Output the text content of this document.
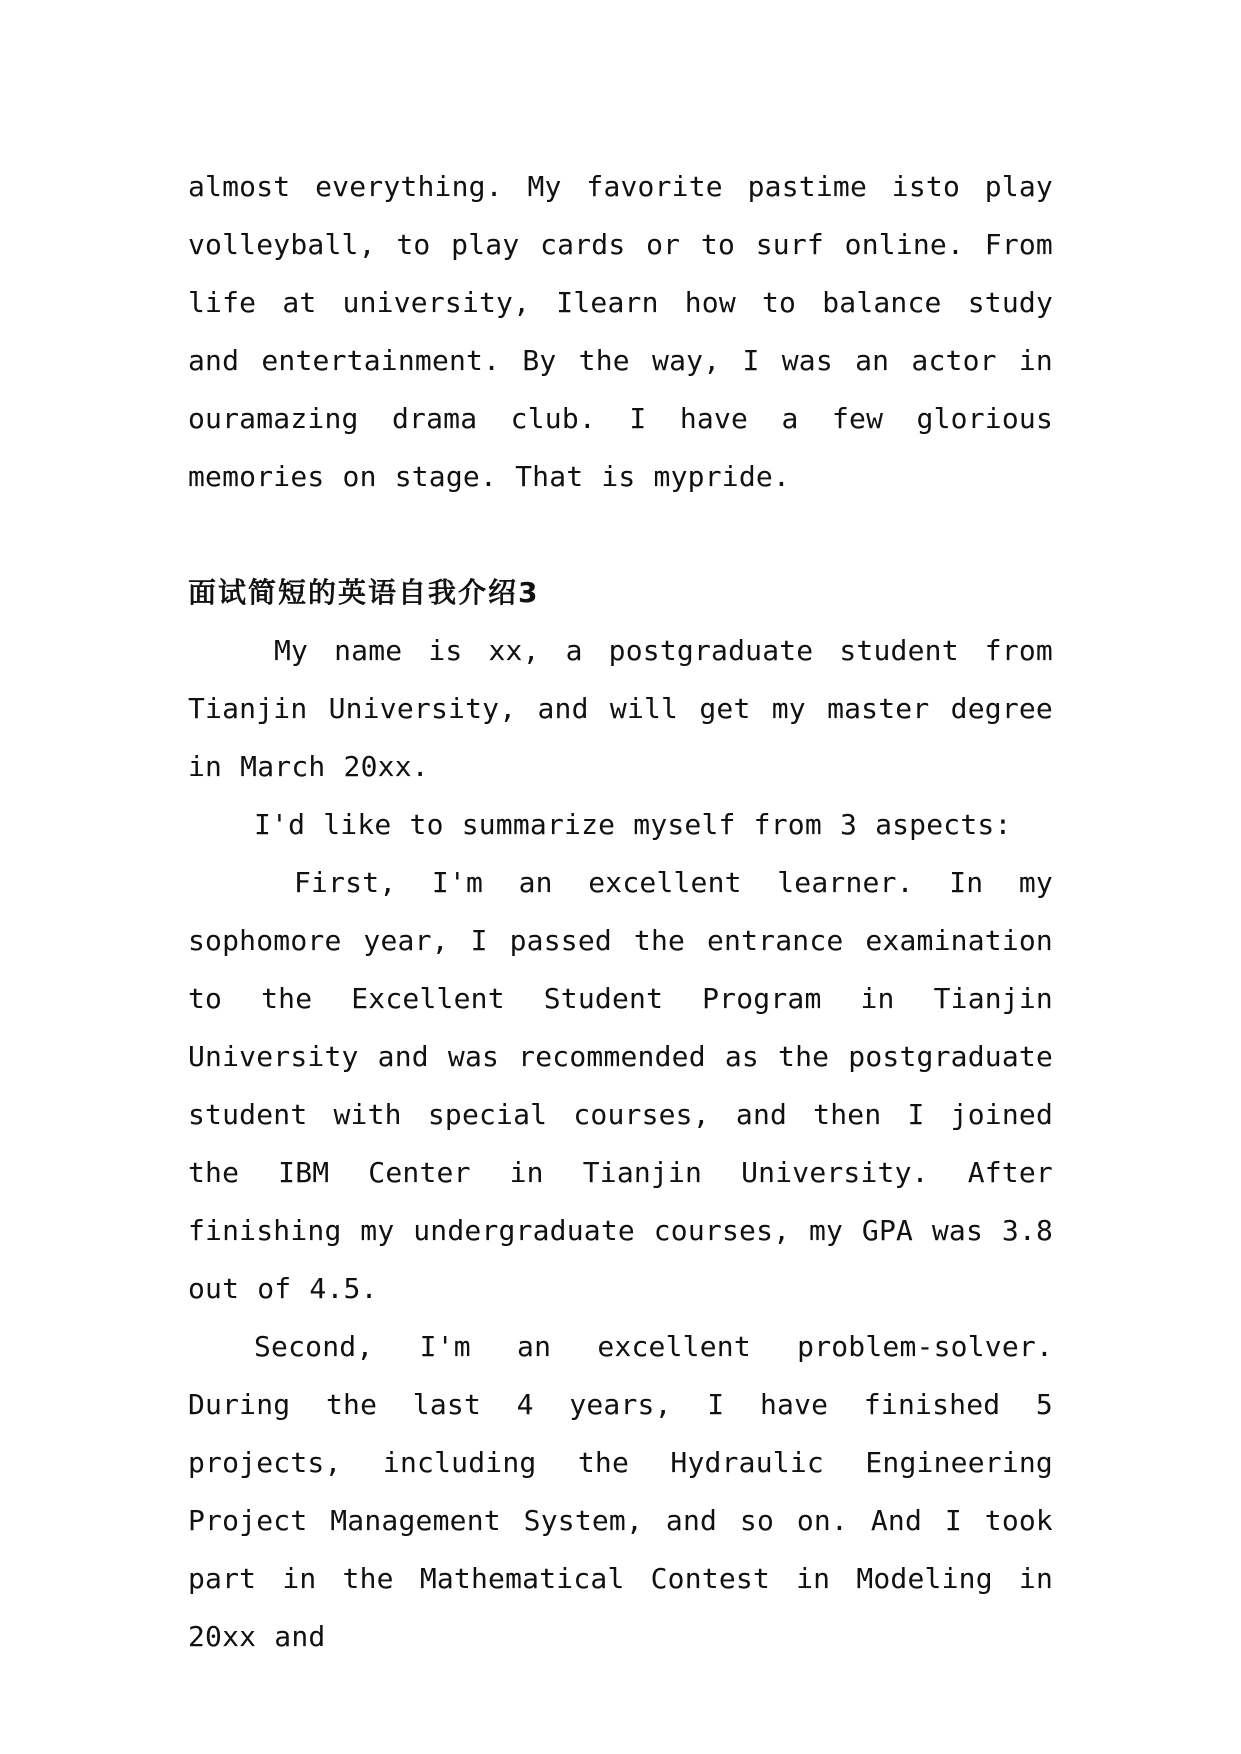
almost everything. My favorite pastime isto play volleyball, to play cards or to surf online. From life at university, Ilearn how to balance study and entertainment. By the way, I was an actor in ouramazing drama club. I have a few glorious memories on stage. That is mypride.

面试简短的英语自我介绍3

My name is xx, a postgraduate student from Tianjin University, and will get my master degree in March 20xx.

I'd like to summarize myself from 3 aspects:

First, I'm an excellent learner. In my sophomore year, I passed the entrance examination to the Excellent Student Program in Tianjin University and was recommended as the postgraduate student with special courses, and then I joined the IBM Center in Tianjin University. After finishing my undergraduate courses, my GPA was 3.8 out of 4.5.

Second, I'm an excellent problem-solver. During the last 4 years, I have finished 5 projects, including the Hydraulic Engineering Project Management System, and so on. And I took part in the Mathematical Contest in Modeling in 20xx and
